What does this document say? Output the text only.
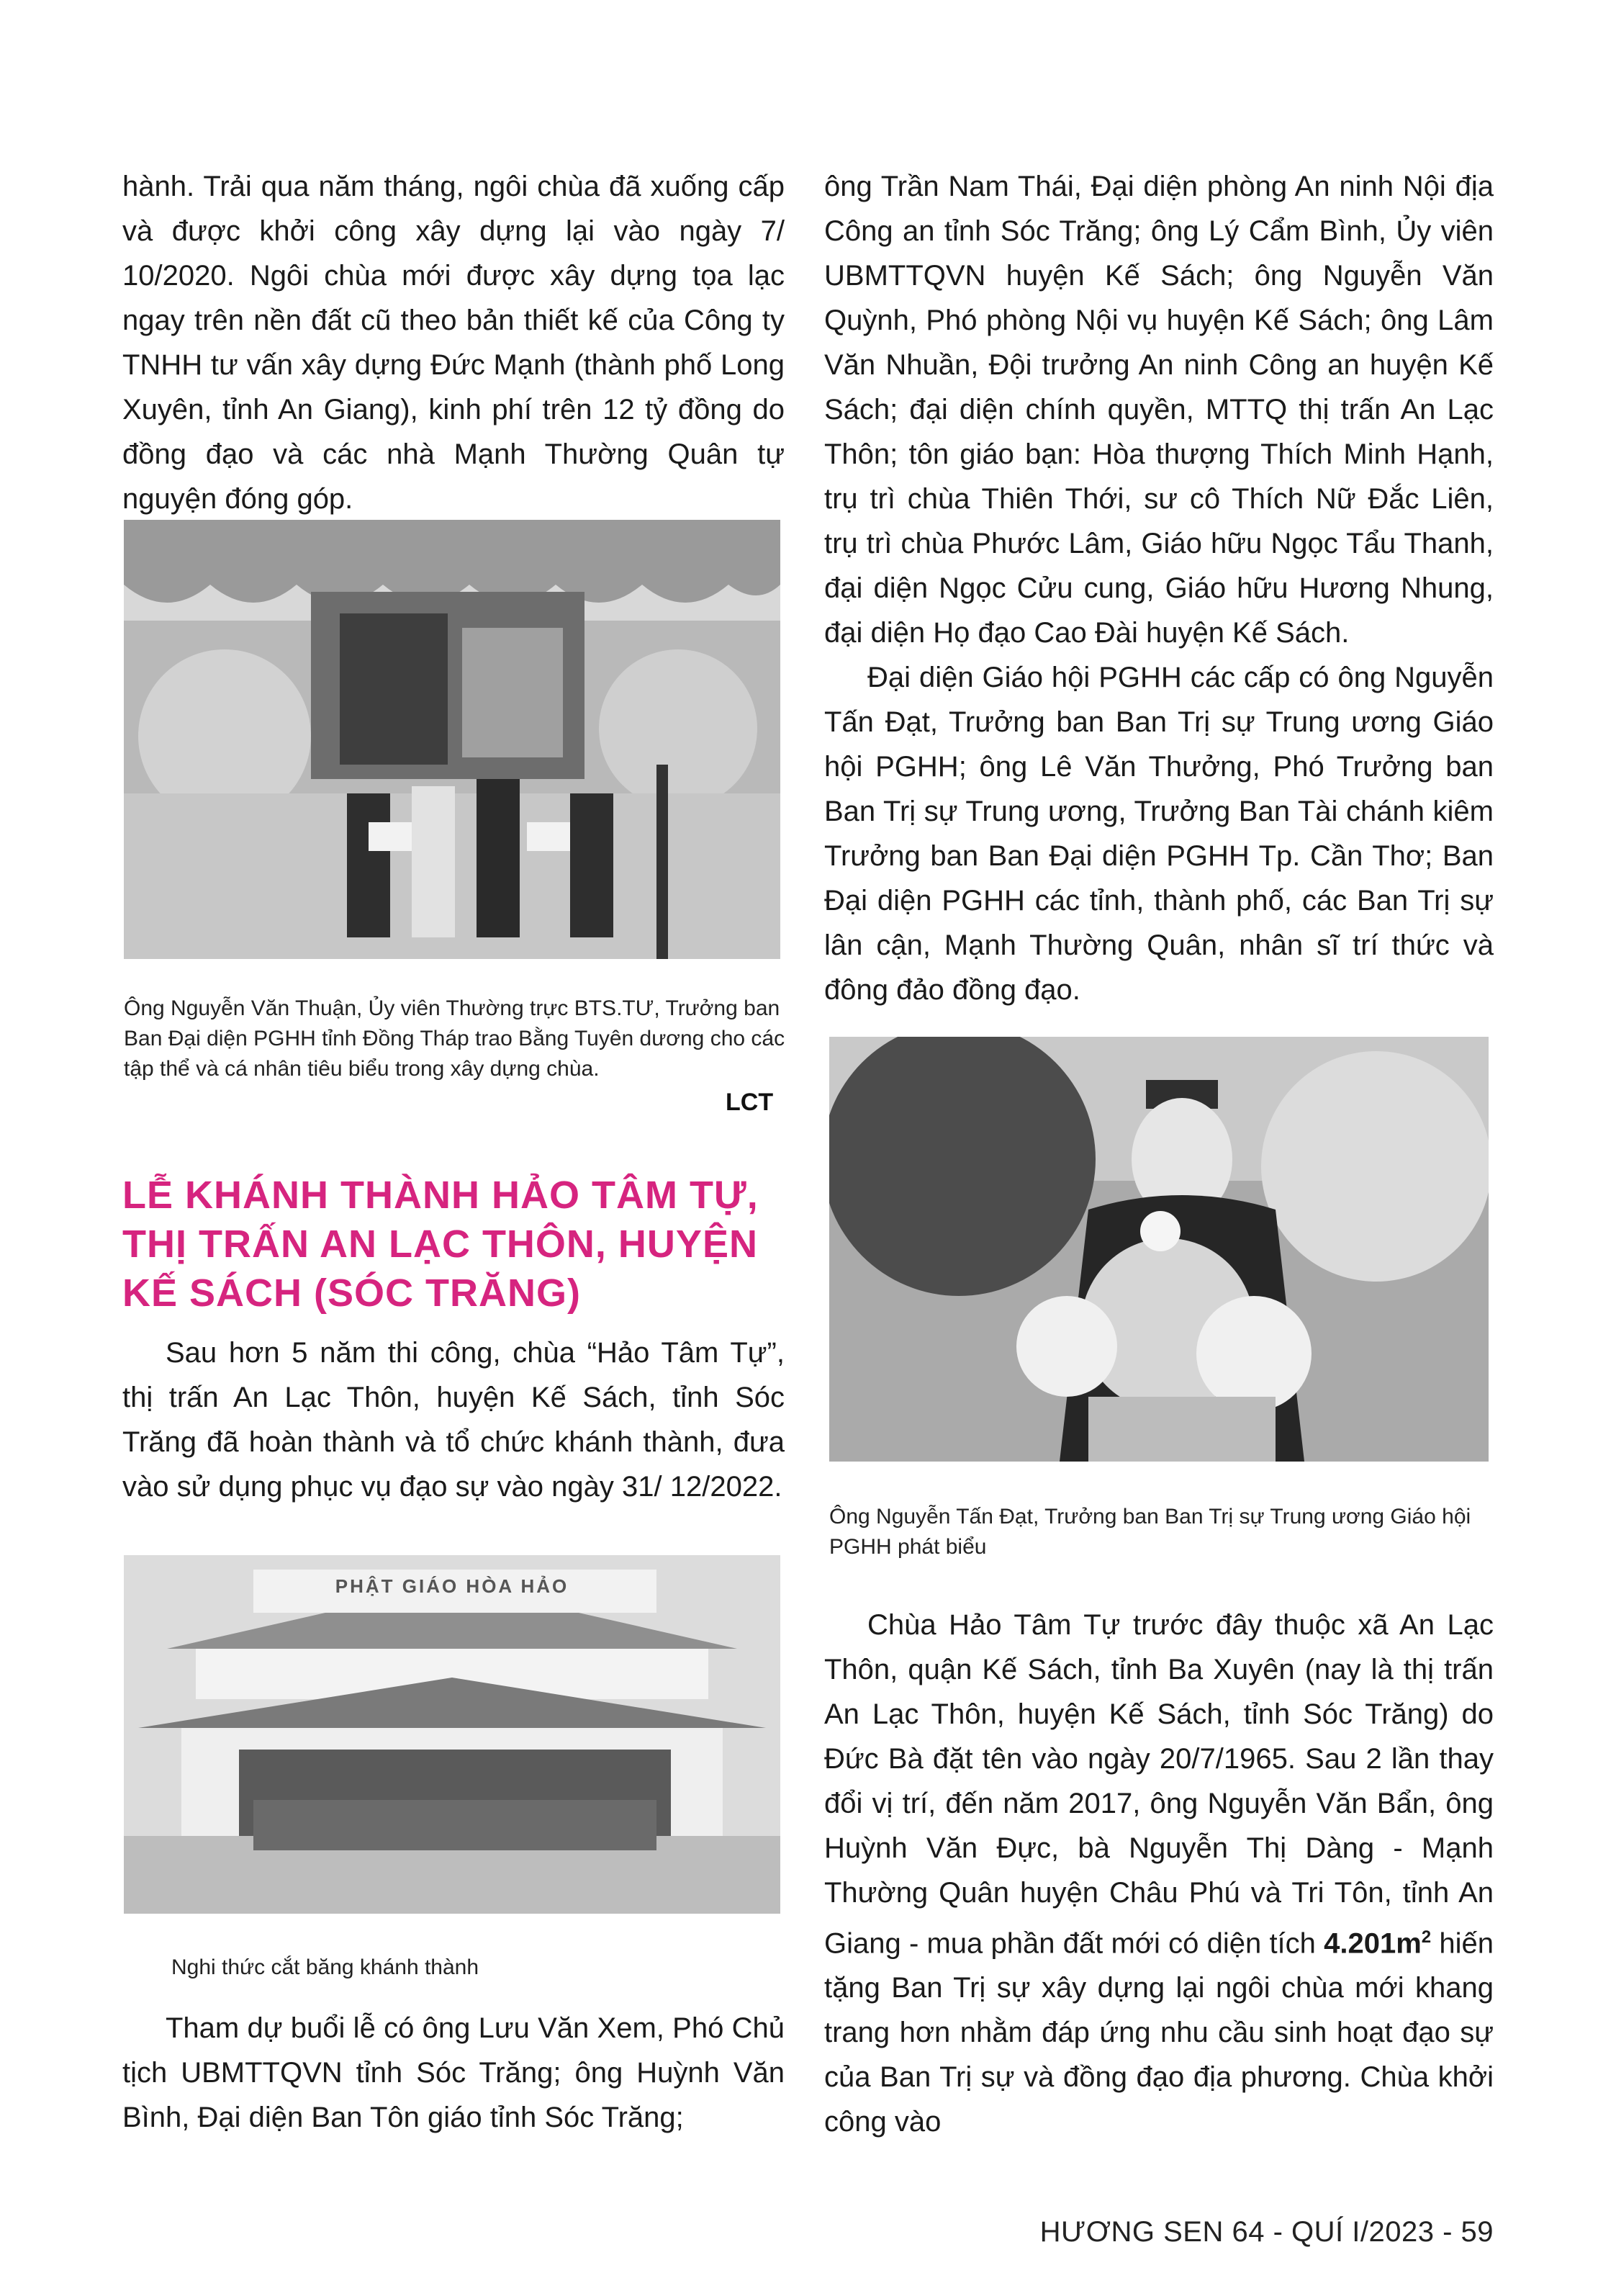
hành. Trải qua năm tháng, ngôi chùa đã xuống cấp và được khởi công xây dựng lại vào ngày 7/ 10/2020. Ngôi chùa mới được xây dựng tọa lạc ngay trên nền đất cũ theo bản thiết kế của Công ty TNHH tư vấn xây dựng Đức Mạnh (thành phố Long Xuyên, tỉnh An Giang), kinh phí trên 12 tỷ đồng do đồng đạo và các nhà Mạnh Thường Quân tự nguyện đóng góp.

Ông Nguyễn Văn Thuận, Ủy viên Thường trực BTS.TƯ, Trưởng ban Ban Đại diện PGHH tỉnh Đồng Tháp trao Bằng Tuyên dương cho các tập thể và cá nhân tiêu biểu trong xây dựng chùa.
LCT
LỄ KHÁNH THÀNH HẢO TÂM TỰ, THỊ TRẤN AN LẠC THÔN, HUYỆN KẾ SÁCH (SÓC TRĂNG)

Sau hơn 5 năm thi công, chùa “Hảo Tâm Tự”, thị trấn An Lạc Thôn, huyện Kế Sách, tỉnh Sóc Trăng đã hoàn thành và tổ chức khánh thành, đưa vào sử dụng phục vụ đạo sự vào ngày 31/ 12/2022.

PHẬT GIÁO HÒA HẢO
Nghi thức cắt băng khánh thành

Tham dự buổi lễ có ông Lưu Văn Xem, Phó Chủ tịch UBMTTQVN tỉnh Sóc Trăng; ông Huỳnh Văn Bình, Đại diện Ban Tôn giáo tỉnh Sóc Trăng;

ông Trần Nam Thái, Đại diện phòng An ninh Nội địa Công an tỉnh Sóc Trăng; ông Lý Cẩm Bình, Ủy viên UBMTTQVN huyện Kế Sách; ông Nguyễn Văn Quỳnh, Phó phòng Nội vụ huyện Kế Sách; ông Lâm Văn Nhuần, Đội trưởng An ninh Công an huyện Kế Sách; đại diện chính quyền, MTTQ thị trấn An Lạc Thôn; tôn giáo bạn: Hòa thượng Thích Minh Hạnh, trụ trì chùa Thiên Thới, sư cô Thích Nữ Đắc Liên, trụ trì chùa Phước Lâm, Giáo hữu Ngọc Tẩu Thanh, đại diện Ngọc Cửu cung, Giáo hữu Hương Nhung, đại diện Họ đạo Cao Đài huyện Kế Sách.

Đại diện Giáo hội PGHH các cấp có ông Nguyễn Tấn Đạt, Trưởng ban Ban Trị sự Trung ương Giáo hội PGHH; ông Lê Văn Thưởng, Phó Trưởng ban Ban Trị sự Trung ương, Trưởng Ban Tài chánh kiêm Trưởng ban Ban Đại diện PGHH Tp. Cần Thơ; Ban Đại diện PGHH các tỉnh, thành phố, các Ban Trị sự lân cận, Mạnh Thường Quân, nhân sĩ trí thức và đông đảo đồng đạo.

Ông Nguyễn Tấn Đạt, Trưởng ban Ban Trị sự Trung ương Giáo hội PGHH phát biểu

Chùa Hảo Tâm Tự trước đây thuộc xã An Lạc Thôn, quận Kế Sách, tỉnh Ba Xuyên (nay là thị trấn An Lạc Thôn, huyện Kế Sách, tỉnh Sóc Trăng) do Đức Bà đặt tên vào ngày 20/7/1965. Sau 2 lần thay đổi vị trí, đến năm 2017, ông Nguyễn Văn Bẩn, ông Huỳnh Văn Đực, bà Nguyễn Thị Dàng - Mạnh Thường Quân huyện Châu Phú và Tri Tôn, tỉnh An Giang - mua phần đất mới có diện tích $4.201m^2$ hiến tặng Ban Trị sự xây dựng lại ngôi chùa mới khang trang hơn nhằm đáp ứng nhu cầu sinh hoạt đạo sự của Ban Trị sự và đồng đạo địa phương. Chùa khởi công vào

HƯƠNG SEN 64 - QUÍ I/2023 - 59
